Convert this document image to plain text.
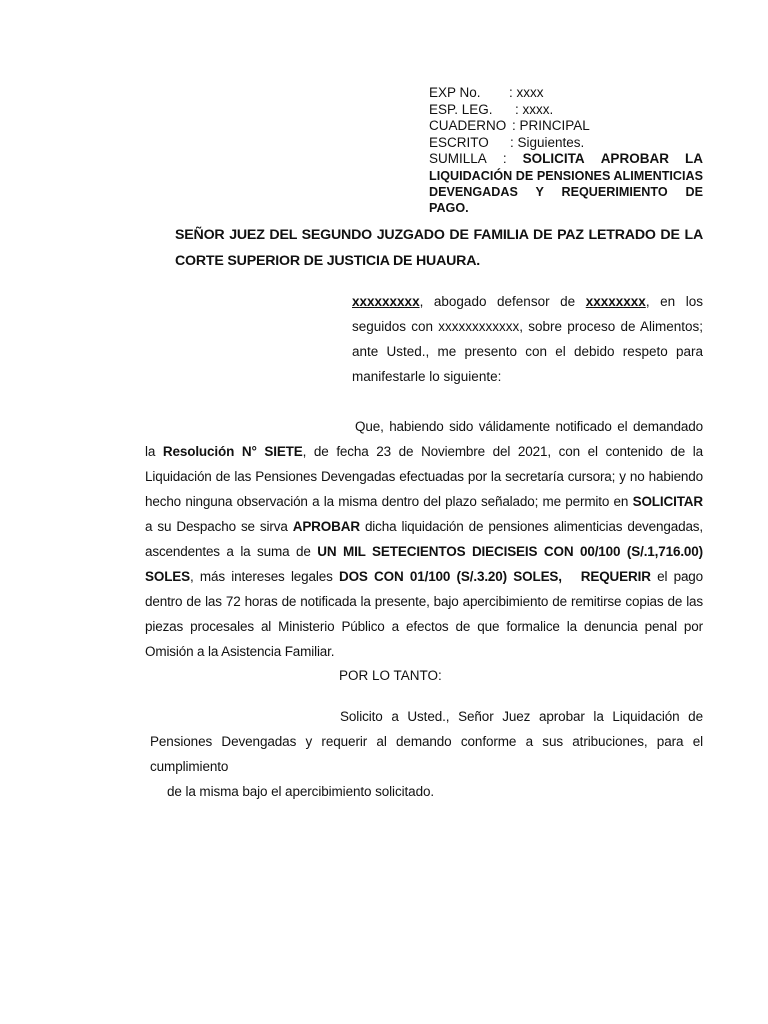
EXP No. : xxxx
ESP. LEG. : xxxx.
CUADERNO : PRINCIPAL
ESCRITO : Siguientes.
SUMILLA : SOLICITA APROBAR LA
LIQUIDACIÓN DE PENSIONES ALIMENTICIAS
DEVENGADAS Y REQUERIMIENTO DE PAGO.
SEÑOR JUEZ DEL SEGUNDO JUZGADO DE FAMILIA DE PAZ LETRADO DE LA CORTE SUPERIOR DE JUSTICIA DE HUAURA.
xxxxxxxxx, abogado defensor de xxxxxxxx, en los seguidos con xxxxxxxxxxxx, sobre proceso de Alimentos; ante Usted., me presento con el debido respeto para manifestarle lo siguiente:
Que, habiendo sido válidamente notificado el demandado la Resolución N° SIETE, de fecha 23 de Noviembre del 2021, con el contenido de la Liquidación de las Pensiones Devengadas efectuadas por la secretaría cursora; y no habiendo hecho ninguna observación a la misma dentro del plazo señalado; me permito en SOLICITAR a su Despacho se sirva APROBAR dicha liquidación de pensiones alimenticias devengadas, ascendentes a la suma de UN MIL SETECIENTOS DIECISEIS CON 00/100 (S/.1,716.00) SOLES, más intereses legales DOS CON 01/100 (S/.3.20) SOLES, REQUERIR el pago dentro de las 72 horas de notificada la presente, bajo apercibimiento de remitirse copias de las piezas procesales al Ministerio Público a efectos de que formalice la denuncia penal por Omisión a la Asistencia Familiar.
POR LO TANTO:
Solicito a Usted., Señor Juez aprobar la Liquidación de Pensiones Devengadas y requerir al demando conforme a sus atribuciones, para el cumplimiento
de la misma bajo el apercibimiento solicitado.
